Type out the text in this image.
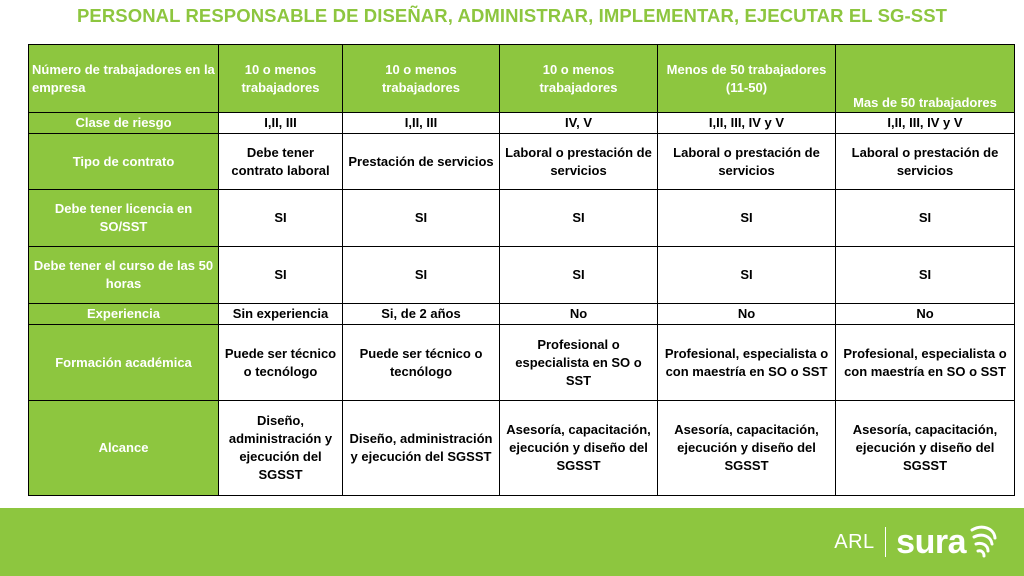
PERSONAL RESPONSABLE DE DISEÑAR, ADMINISTRAR, IMPLEMENTAR, EJECUTAR EL SG-SST
Número de trabajadores en la empresa	10 o menos trabajadores	10 o menos trabajadores	10 o menos trabajadores	Menos de 50 trabajadores (11-50)	Mas de 50 trabajadores
Clase de riesgo	I,II, III	I,II, III	IV, V	I,II, III, IV y V	I,II, III, IV y V
Tipo de contrato	Debe tener contrato laboral	Prestación de servicios	Laboral o prestación de servicios	Laboral o prestación de servicios	Laboral o prestación de servicios
Debe tener licencia en SO/SST	SI	SI	SI	SI	SI
Debe tener el curso de las 50 horas	SI	SI	SI	SI	SI
Experiencia	Sin experiencia	Si, de 2 años	No	No	No
Formación académica	Puede ser técnico o tecnólogo	Puede ser técnico o tecnólogo	Profesional o especialista en SO o SST	Profesional, especialista o con maestría en SO o SST	Profesional, especialista o con maestría en SO o SST
Alcance	Diseño, administración y ejecución del SGSST	Diseño, administración y ejecución del SGSST	Asesoría, capacitación, ejecución y diseño del SGSST	Asesoría, capacitación, ejecución y diseño del SGSST	Asesoría, capacitación, ejecución y diseño del SGSST
ARL sura
